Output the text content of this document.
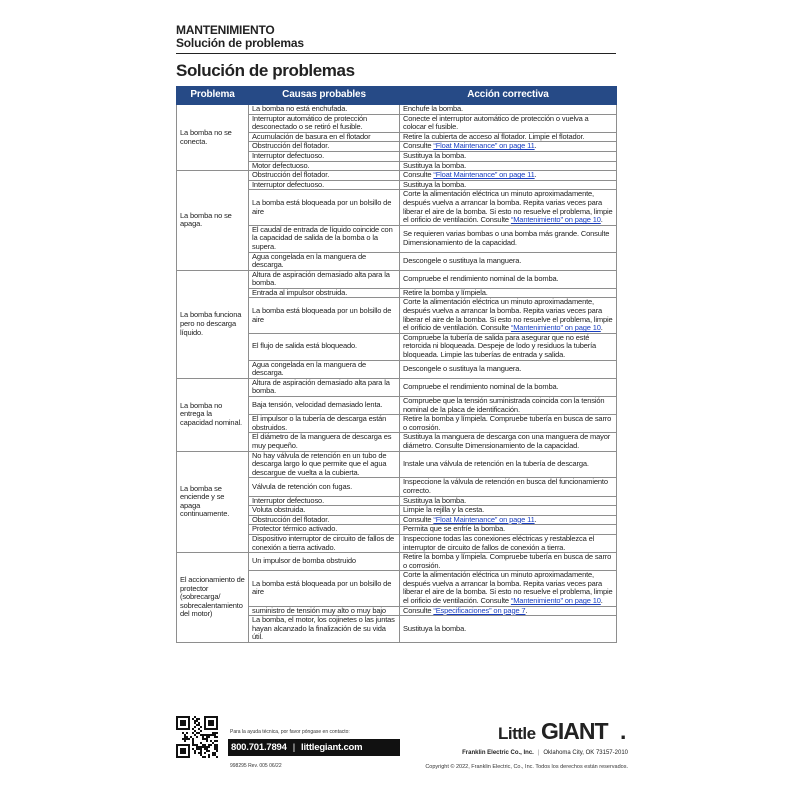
MANTENIMIENTO
Solución de problemas
Solución de problemas
Problema	Causas probables	Acción correctiva
La bomba no se conecta.	La bomba no está enchufada.	Enchufe la bomba.
	Interruptor automático de protección desconectado o se retiró el fusible.	Conecte el interruptor automático de protección o vuelva a colocar el fusible.
	Acumulación de basura en el flotador	Retire la cubierta de acceso al flotador. Limpie el flotador.
	Obstrucción del flotador.	Consulte “Float Maintenance” on page 11.
	Interruptor defectuoso.	Sustituya la bomba.
	Motor defectuoso.	Sustituya la bomba.
La bomba no se apaga.	Obstrucción del flotador.	Consulte “Float Maintenance” on page 11.
	Interruptor defectuoso.	Sustituya la bomba.
	La bomba está bloqueada por un bolsillo de aire	Corte la alimentación eléctrica un minuto aproximadamente, después vuelva a arrancar la bomba. Repita varias veces para liberar el aire de la bomba. Si esto no resuelve el problema, limpie el orificio de ventilación. Consulte “Mantenimiento” on page 10.
	El caudal de entrada de líquido coincide con la capacidad de salida de la bomba o la supera.	Se requieren varias bombas o una bomba más grande. Consulte Dimensionamiento de la capacidad.
	Agua congelada en la manguera de descarga.	Descongele o sustituya la manguera.
La bomba funciona pero no descarga líquido.	Altura de aspiración demasiado alta para la bomba.	Compruebe el rendimiento nominal de la bomba.
	Entrada al impulsor obstruida.	Retire la bomba y límpiela.
	La bomba está bloqueada por un bolsillo de aire	Corte la alimentación eléctrica un minuto aproximadamente, después vuelva a arrancar la bomba. Repita varias veces para liberar el aire de la bomba. Si esto no resuelve el problema, limpie el orificio de ventilación. Consulte “Mantenimiento” on page 10.
	El flujo de salida está bloqueado.	Compruebe la tubería de salida para asegurar que no esté retorcida ni bloqueada. Despeje de lodo y residuos la tubería bloqueada. Limpie las tuberías de entrada y salida.
	Agua congelada en la manguera de descarga.	Descongele o sustituya la manguera.
La bomba no entrega la capacidad nominal.	Altura de aspiración demasiado alta para la bomba.	Compruebe el rendimiento nominal de la bomba.
	Baja tensión, velocidad demasiado lenta.	Compruebe que la tensión suministrada coincida con la tensión nominal de la placa de identificación.
	El impulsor o la tubería de descarga están obstruidos.	Retire la bomba y límpiela. Compruebe tubería en busca de sarro o corrosión.
	El diámetro de la manguera de descarga es muy pequeño.	Sustituya la manguera de descarga con una manguera de mayor diámetro. Consulte Dimensionamiento de la capacidad.
La bomba se enciende y se apaga continuamente.	No hay válvula de retención en un tubo de descarga largo lo que permite que el agua descargue de vuelta a la cubierta.	Instale una válvula de retención en la tubería de descarga.
	Válvula de retención con fugas.	Inspeccione la válvula de retención en busca del funcionamiento correcto.
	Interruptor defectuoso.	Sustituya la bomba.
	Voluta obstruida.	Limpie la rejilla y la cesta.
	Obstrucción del flotador.	Consulte “Float Maintenance” on page 11.
	Protector térmico activado.	Permita que se enfríe la bomba.
	Dispositivo interruptor de circuito de fallos de conexión a tierra activado.	Inspeccione todas las conexiones eléctricas y restablezca el interruptor de circuito de fallos de conexión a tierra.
El accionamiento de protector (sobrecarga/ sobrecalentamiento del motor)	Un impulsor de bomba obstruido	Retire la bomba y límpiela. Compruebe tubería en busca de sarro o corrosión.
	La bomba está bloqueada por un bolsillo de aire	Corte la alimentación eléctrica un minuto aproximadamente, después vuelva a arrancar la bomba. Repita varias veces para liberar el aire de la bomba. Si esto no resuelve el problema, limpie el orificio de ventilación. Consulte “Mantenimiento” on page 10.
	suministro de tensión muy alto o muy bajo	Consulte “Especificaciones” on page 7.
	La bomba, el motor, los cojinetes o las juntas hayan alcanzado la finalización de su vida útil.	Sustituya la bomba.
Para la ayuda técnica, por favor póngase en contacto:
800.701.7894 | littlegiant.com
998295 Rev. 005 06/22
Little GIANT .
Franklin Electric Co., Inc. | Oklahoma City, OK 73157-2010
Copyright © 2022, Franklin Electric, Co., Inc. Todos los derechos están reservados.
